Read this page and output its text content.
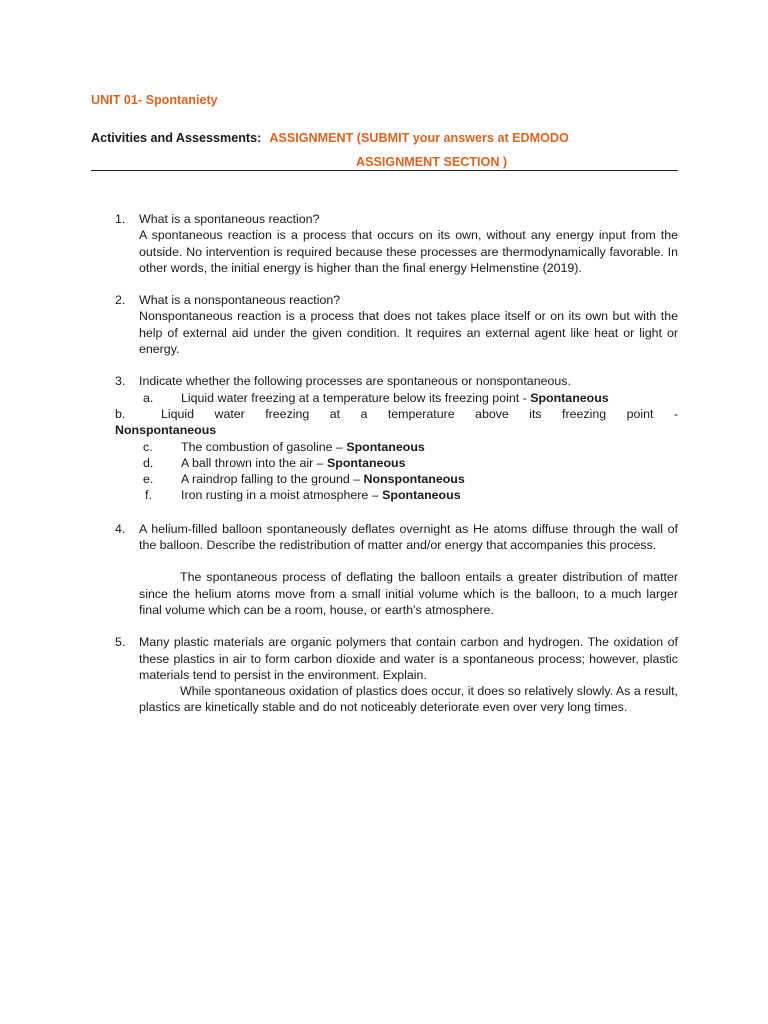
UNIT 01- Spontaniety
Activities and Assessments: ASSIGNMENT (SUBMIT your answers at EDMODO
ASSIGNMENT SECTION )
1. What is a spontaneous reaction?

A spontaneous reaction is a process that occurs on its own, without any energy input from the outside. No intervention is required because these processes are thermodynamically favorable. In other words, the initial energy is higher than the final energy Helmenstine (2019).

2. What is a nonspontaneous reaction?

Nonspontaneous reaction is a process that does not takes place itself or on its own but with the help of external aid under the given condition. It requires an external agent like heat or light or energy.

3. Indicate whether the following processes are spontaneous or nonspontaneous.

a. Liquid water freezing at a temperature below its freezing point - Spontaneous
b.	Liquid water freezing at a temperature above its freezing point -
Nonspontaneous
c. The combustion of gasoline – Spontaneous
d. A ball thrown into the air – Spontaneous
e. A raindrop falling to the ground – Nonspontaneous
f. Iron rusting in a moist atmosphere – Spontaneous
4. A helium-filled balloon spontaneously deflates overnight as He atoms diffuse through the wall of the balloon. Describe the redistribution of matter and/or energy that accompanies this process.

The spontaneous process of deflating the balloon entails a greater distribution of matter since the helium atoms move from a small initial volume which is the balloon, to a much larger final volume which can be a room, house, or earth's atmosphere.

5. Many plastic materials are organic polymers that contain carbon and hydrogen. The oxidation of these plastics in air to form carbon dioxide and water is a spontaneous process; however, plastic materials tend to persist in the environment. Explain.

While spontaneous oxidation of plastics does occur, it does so relatively slowly. As a result, plastics are kinetically stable and do not noticeably deteriorate even over very long times.
